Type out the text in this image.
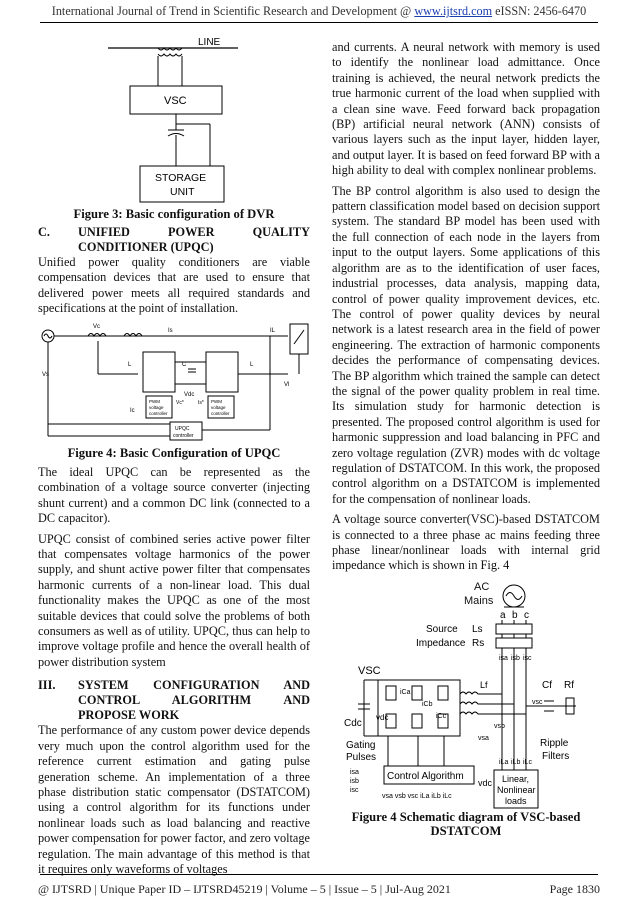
International Journal of Trend in Scientific Research and Development @ www.ijtsrd.com eISSN: 2456-6470
LINE
VSC
STORAGE
UNIT
Figure 3: Basic configuration of DVR
C.	UNIFIED POWER QUALITY
CONDITIONER (UPQC)

Unified power quality conditioners are viable compensation devices that are used to ensure that delivered power meets all required standards and specifications at the point of installation.

Vc
Is	IL
Vs
L	C
Vdc
L
Vl
PWM
voltage
controller
PWM
voltage
controller
Vc*	Is*
UPQC
controller
Ic
Figure 4: Basic Configuration of UPQC

The ideal UPQC can be represented as the combination of a voltage source converter (injecting shunt current) and a common DC link (connected to a DC capacitor).

UPQC consist of combined series active power filter that compensates voltage harmonics of the power supply, and shunt active power filter that compensates harmonic currents of a non-linear load. This dual functionality makes the UPQC as one of the most suitable devices that could solve the problems of both consumers as well as of utility. UPQC, thus can help to improve voltage profile and hence the overall health of power distribution system

III.	SYSTEM CONFIGURATION AND
CONTROL ALGORITHM AND
PROPOSE WORK

The performance of any custom power device depends very much upon the control algorithm used for the reference current estimation and gating pulse generation scheme. An implementation of a three phase distribution static compensator (DSTATCOM) using a control algorithm for its functions under nonlinear loads such as load balancing and reactive power compensation for power factor, and zero voltage regulation. The main advantage of this method is that it requires only waveforms of voltages

and currents. A neural network with memory is used to identify the nonlinear load admittance. Once training is achieved, the neural network predicts the true harmonic current of the load when supplied with a clean sine wave. Feed forward back propagation (BP) artificial neural network (ANN) consists of various layers such as the input layer, hidden layer, and output layer. It is based on feed forward BP with a high ability to deal with complex nonlinear problems.

The BP control algorithm is also used to design the pattern classification model based on decision support system. The standard BP model has been used with the full connection of each node in the layers from input to the output layers. Some applications of this algorithm are as to the identification of user faces, industrial processes, data analysis, mapping data, control of power quality improvement devices, etc. The control of power quality devices by neural network is a latest research area in the field of power engineering. The extraction of harmonic components decides the performance of compensating devices. The BP algorithm which trained the sample can detect the signal of the power quality problem in real time. Its simulation study for harmonic detection is presented. The proposed control algorithm is used for harmonic suppression and load balancing in PFC and zero voltage regulation (ZVR) modes with dc voltage regulation of DSTATCOM. In this work, the proposed control algorithm on a DSTATCOM is implemented for the compensation of nonlinear loads.

A voltage source converter(VSC)-based DSTATCOM is connected to a three phase ac mains feeding three phase linear/nonlinear loads with internal grid impedance which is shown in Fig. 4

AC
Mains
a b c
Source
Impedance
Ls
Rs
isa isb isc
VSC
Cdc
vdc
Lf
iCa
iCb
iCc
vsc
vsb
vsa
Cf Rf
Ripple
Filters
iLa iLb iLc
Linear,
Nonlinear
loads
Gating
Pulses
Control Algorithm
isa
isb
isc
vdc
vsa vsb vsc iLa iLb iLc
Figure 4 Schematic diagram of VSC-based
DSTATCOM
@ IJTSRD | Unique Paper ID – IJTSRD45219 | Volume – 5 | Issue – 5 | Jul-Aug 2021	Page 1830
